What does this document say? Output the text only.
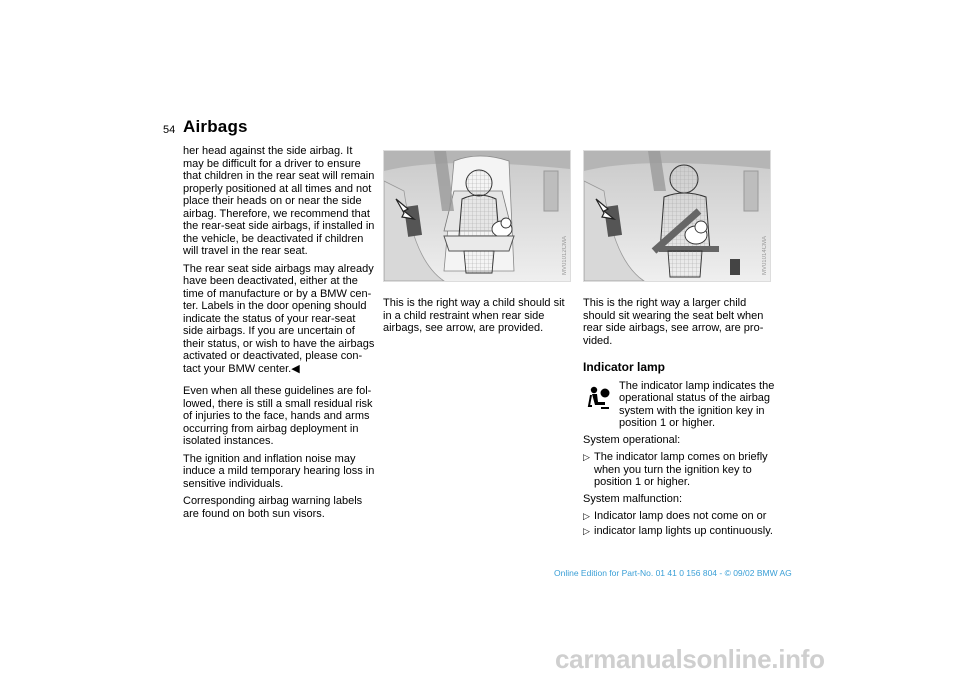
54 Airbags

her head against the side airbag. It may be difficult for a driver to ensure that children in the rear seat will remain properly positioned at all times and not place their heads on or near the side airbag. Therefore, we recommend that the rear-seat side airbags, if installed in the vehicle, be deactivated if children will travel in the rear seat.

The rear seat side airbags may already have been deactivated, either at the time of manufacture or by a BMW cen-ter. Labels in the door opening should indicate the status of your rear-seat side airbags. If you are uncertain of their status, or wish to have the airbags activated or deactivated, please con-tact your BMW center.◀

Even when all these guidelines are fol-lowed, there is still a small residual risk of injuries to the face, hands and arms occurring from airbag deployment in isolated instances.

The ignition and inflation noise may induce a mild temporary hearing loss in sensitive individuals.

Corresponding airbag warning labels are found on both sun visors.

MV01012CMA	MV01014CMA

This is the right way a child should sit in a child restraint when rear side airbags, see arrow, are provided.

This is the right way a larger child should sit wearing the seat belt when rear side airbags, see arrow, are pro-vided.

Indicator lamp
The indicator lamp indicates the operational status of the airbag system with the ignition key in position 1 or higher.

System operational:

▷ The indicator lamp comes on briefly when you turn the ignition key to position 1 or higher.

System malfunction:

▷ Indicator lamp does not come on or
▷ indicator lamp lights up continuously.
Online Edition for Part-No. 01 41 0 156 804 - © 09/02 BMW AG
carmanualsonline.info
